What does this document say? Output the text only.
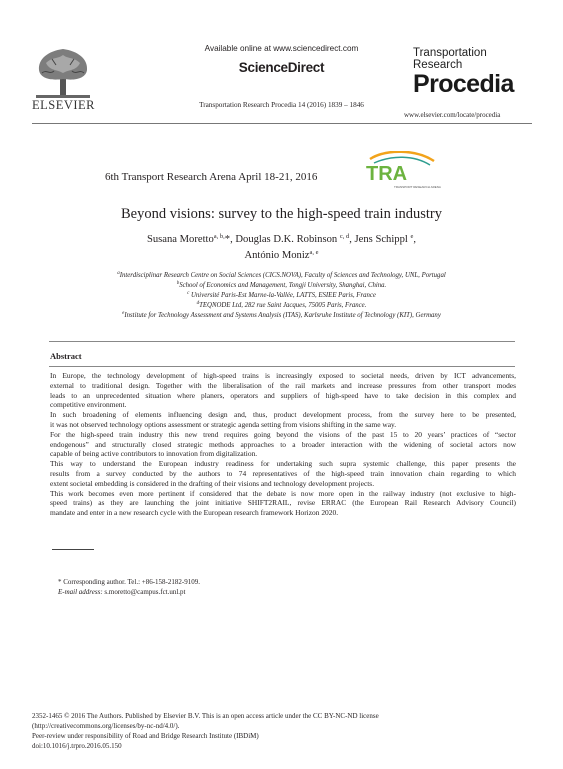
ELSEVIER
Available online at www.sciencedirect.com
ScienceDirect
Transportation Research Procedia 14 (2016) 1839 – 1846
Transportation
Research
Procedia
www.elsevier.com/locate/procedia
6th Transport Research Arena April 18-21, 2016 TRA
TRANSPORT RESEARCH ARENA
Beyond visions: survey to the high-speed train industry
Susana Moretto$^{a, b,}$*, Douglas D.K. Robinson $^{c, d}$, Jens Schippl $^e$,
António Moniz$^{a, e}$
$^a$Interdisciplinar Research Centre on Social Sciences (CICS.NOVA), Faculty of Sciences and Technology, UNL, Portugal
$^b$School of Economics and Management, Tongji University, Shanghai, China.
$^c$ Université Paris-Est Marne-la-Vallée, LATTS, ESIEE Paris, France
$^d$TEQNODE Ltd, 282 rue Saint Jacques, 75005 Paris, France.
$^e$Institute for Technology Assessment and Systems Analysis (ITAS), Karlsruhe Institute of Technology (KIT), Germany
Abstract
In Europe, the technology development of high-speed trains is increasingly exposed to societal needs, driven by ICT advancements,
external to traditional design. Together with the liberalisation of the rail markets and increase pressures from other transport modes
leads to an unprecedented situation where planers, operators and suppliers of high-speed have to take decision in this complex and
competitive environment.
In such broadening of elements influencing design and, thus, product development process, from the survey here to be presented,
it was not observed technology options assessment or strategic agenda setting from visions shifting in the same way.
For the high-speed train industry this new trend requires going beyond the visions of the past 15 to 20 years’ practices of “sector
endogenous” and structurally closed strategic methods approaches to a broader interaction with the widening of societal actors now
capable of being active contributors to innovation from digitalization.
This way to understand the European industry readiness for undertaking such supra systemic challenge, this paper presents the
results from a survey conducted by the authors to 74 representatives of the high-speed train innovation chain regarding to which
extent societal embedding is considered in the drafting of their visions and technology development projects.
This work becomes even more pertinent if considered that the debate is now more open in the railway industry (not exclusive to high-
speed trains) as they are launching the joint initiative SHIFT2RAIL, revise ERRAC (the European Rail Research Advisory Council)
mandate and enter in a new research cycle with the European research framework Horizon 2020.
* Corresponding author. Tel.: +86-158-2182-9109.
E-mail address: s.moretto@campus.fct.unl.pt
2352-1465 © 2016 The Authors. Published by Elsevier B.V. This is an open access article under the CC BY-NC-ND license
(http://creativecommons.org/licenses/by-nc-nd/4.0/).
Peer-review under responsibility of Road and Bridge Research Institute (IBDiM)
doi:10.1016/j.trpro.2016.05.150
